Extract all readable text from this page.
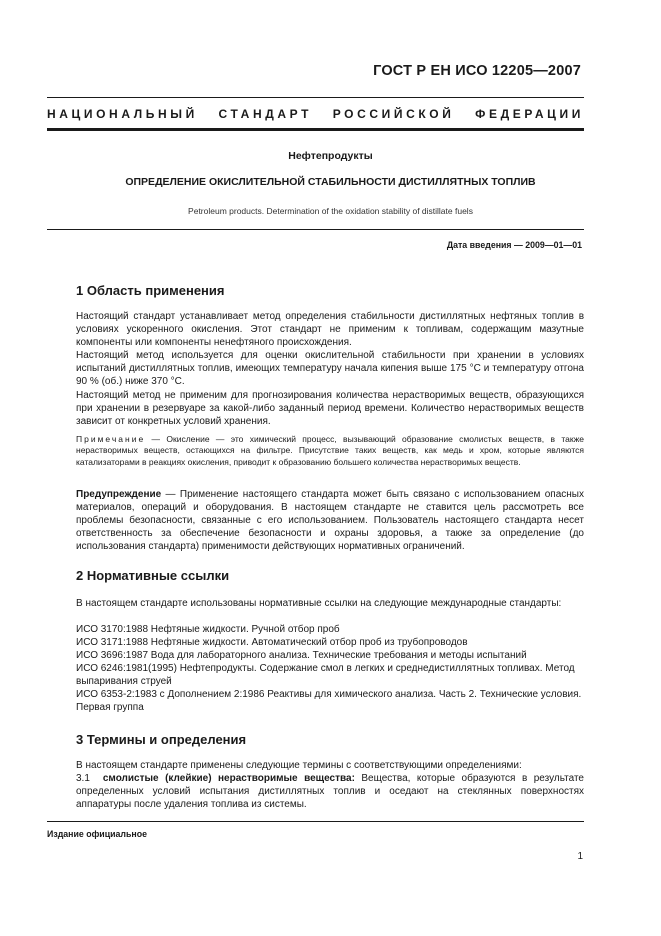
ГОСТ Р ЕН ИСО 12205—2007
НАЦИОНАЛЬНЫЙ СТАНДАРТ РОССИЙСКОЙ ФЕДЕРАЦИИ
Нефтепродукты
ОПРЕДЕЛЕНИЕ ОКИСЛИТЕЛЬНОЙ СТАБИЛЬНОСТИ ДИСТИЛЛЯТНЫХ ТОПЛИВ
Petroleum products. Determination of the oxidation stability of distillate fuels
Дата введения — 2009—01—01
1 Область применения
Настоящий стандарт устанавливает метод определения стабильности дистиллятных нефтяных топлив в условиях ускоренного окисления. Этот стандарт не применим к топливам, содержащим мазутные компоненты или компоненты ненефтяного происхождения.
Настоящий метод используется для оценки окислительной стабильности при хранении в условиях испытаний дистиллятных топлив, имеющих температуру начала кипения выше 175 °С и температуру отгона 90 % (об.) ниже 370 °С.
Настоящий метод не применим для прогнозирования количества нерастворимых веществ, образующихся при хранении в резервуаре за какой-либо заданный период времени. Количество нерастворимых веществ зависит от конкретных условий хранения.
Примечание — Окисление — это химический процесс, вызывающий образование смолистых веществ, в также нерастворимых веществ, остающихся на фильтре. Присутствие таких веществ, как медь и хром, которые являются катализаторами в реакциях окисления, приводит к образованию большего количества нерастворимых веществ.
Предупреждение — Применение настоящего стандарта может быть связано с использованием опасных материалов, операций и оборудования. В настоящем стандарте не ставится цель рассмотреть все проблемы безопасности, связанные с его использованием. Пользователь настоящего стандарта несет ответственность за обеспечение безопасности и охраны здоровья, а также за определение (до использования стандарта) применимости действующих нормативных ограничений.
2 Нормативные ссылки
В настоящем стандарте использованы нормативные ссылки на следующие международные стандарты:
ИСО 3170:1988 Нефтяные жидкости. Ручной отбор проб
ИСО 3171:1988 Нефтяные жидкости. Автоматический отбор проб из трубопроводов
ИСО 3696:1987 Вода для лабораторного анализа. Технические требования и методы испытаний
ИСО 6246:1981(1995) Нефтепродукты. Содержание смол в легких и среднедистиллятных топливах. Метод выпаривания струей
ИСО 6353-2:1983 с Дополнением 2:1986 Реактивы для химического анализа. Часть 2. Технические условия. Первая группа
3 Термины и определения
В настоящем стандарте применены следующие термины с соответствующими определениями:
3.1 смолистые (клейкие) нерастворимые вещества: Вещества, которые образуются в результате определенных условий испытания дистиллятных топлив и оседают на стеклянных поверхностях аппаратуры после удаления топлива из системы.
Издание официальное
1
